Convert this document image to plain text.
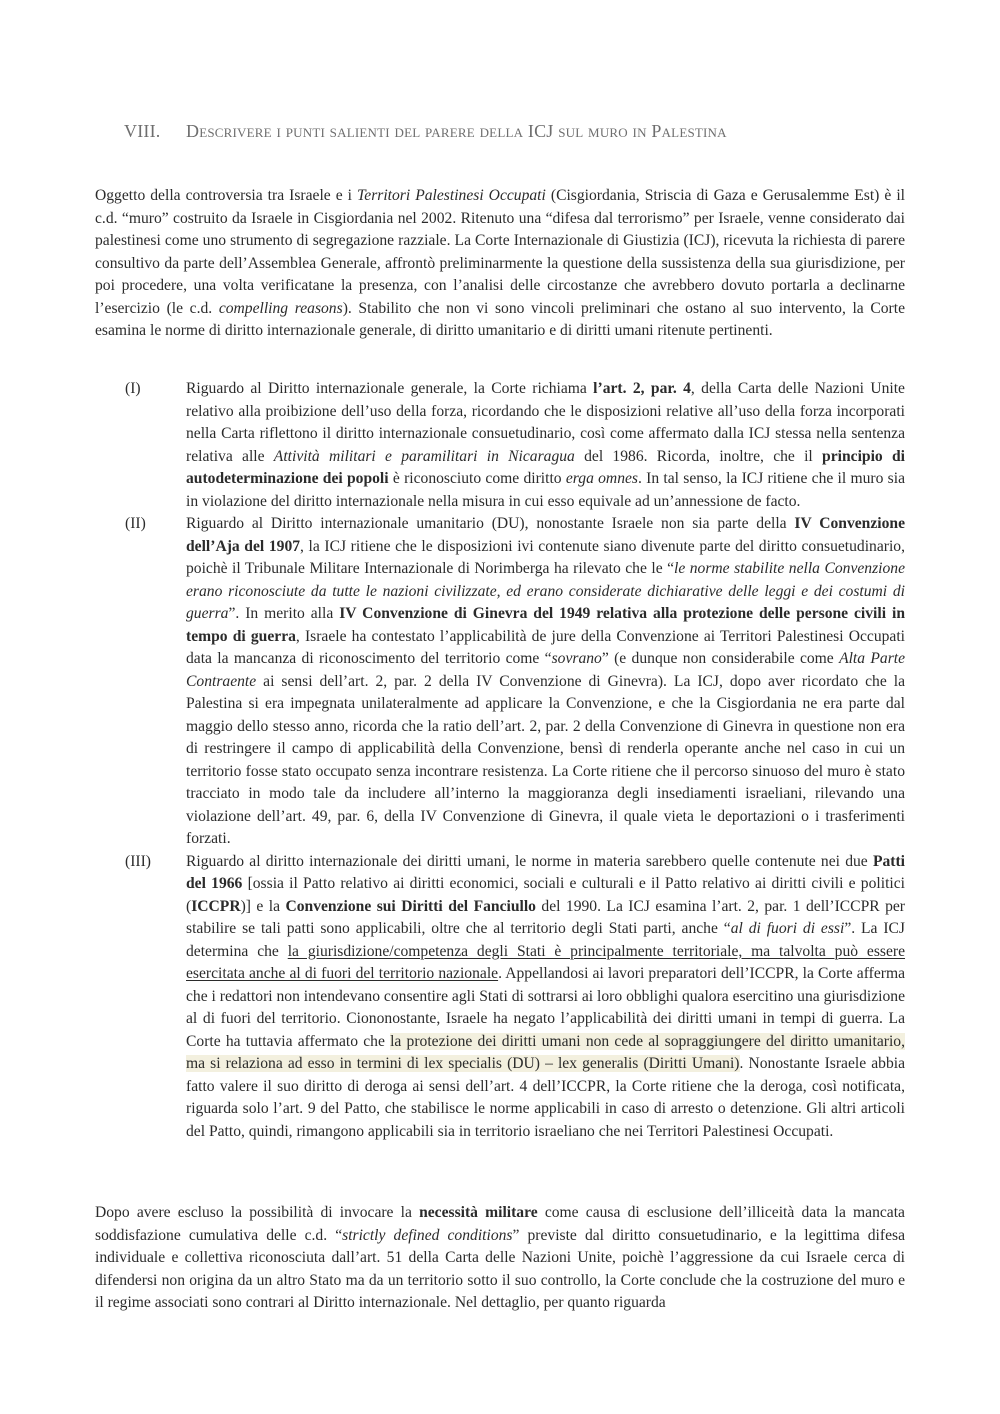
VIII. Descrivere i punti salienti del parere della ICJ sul muro in Palestina

Oggetto della controversia tra Israele e i Territori Palestinesi Occupati (Cisgiordania, Striscia di Gaza e Gerusalemme Est) è il c.d. “muro” costruito da Israele in Cisgiordania nel 2002. Ritenuto una “difesa dal terrorismo” per Israele, venne considerato dai palestinesi come uno strumento di segregazione razziale. La Corte Internazionale di Giustizia (ICJ), ricevuta la richiesta di parere consultivo da parte dell’Assemblea Generale, affrontò preliminarmente la questione della sussistenza della sua giurisdizione, per poi procedere, una volta verificatane la presenza, con l’analisi delle circostanze che avrebbero dovuto portarla a declinarne l’esercizio (le c.d. compelling reasons). Stabilito che non vi sono vincoli preliminari che ostano al suo intervento, la Corte esamina le norme di diritto internazionale generale, di diritto umanitario e di diritti umani ritenute pertinenti.

(I)	Riguardo al Diritto internazionale generale, la Corte richiama l’art. 2, par. 4, della Carta delle Nazioni Unite relativo alla proibizione dell’uso della forza, ricordando che le disposizioni relative all’uso della forza incorporati nella Carta riflettono il diritto internazionale consuetudinario, così come affermato dalla ICJ stessa nella sentenza relativa alle Attività militari e paramilitari in Nicaragua del 1986. Ricorda, inoltre, che il principio di autodeterminazione dei popoli è riconosciuto come diritto erga omnes. In tal senso, la ICJ ritiene che il muro sia in violazione del diritto internazionale nella misura in cui esso equivale ad un’annessione de facto.
(II)	Riguardo al Diritto internazionale umanitario (DU), nonostante Israele non sia parte della IV Convenzione dell’Aja del 1907, la ICJ ritiene che le disposizioni ivi contenute siano divenute parte del diritto consuetudinario, poichè il Tribunale Militare Internazionale di Norimberga ha rilevato che le “le norme stabilite nella Convenzione erano riconosciute da tutte le nazioni civilizzate, ed erano considerate dichiarative delle leggi e dei costumi di guerra”. In merito alla IV Convenzione di Ginevra del 1949 relativa alla protezione delle persone civili in tempo di guerra, Israele ha contestato l’applicabilità de jure della Convenzione ai Territori Palestinesi Occupati data la mancanza di riconoscimento del territorio come “sovrano” (e dunque non considerabile come Alta Parte Contraente ai sensi dell’art. 2, par. 2 della IV Convenzione di Ginevra). La ICJ, dopo aver ricordato che la Palestina si era impegnata unilateralmente ad applicare la Convenzione, e che la Cisgiordania ne era parte dal maggio dello stesso anno, ricorda che la ratio dell’art. 2, par. 2 della Convenzione di Ginevra in questione non era di restringere il campo di applicabilità della Convenzione, bensì di renderla operante anche nel caso in cui un territorio fosse stato occupato senza incontrare resistenza. La Corte ritiene che il percorso sinuoso del muro è stato tracciato in modo tale da includere all’interno la maggioranza degli insediamenti israeliani, rilevando una violazione dell’art. 49, par. 6, della IV Convenzione di Ginevra, il quale vieta le deportazioni o i trasferimenti forzati.
(III) Riguardo al diritto internazionale dei diritti umani, le norme in materia sarebbero quelle contenute nei due Patti del 1966 [ossia il Patto relativo ai diritti economici, sociali e culturali e il Patto relativo ai diritti civili e politici (ICCPR)] e la Convenzione sui Diritti del Fanciullo del 1990. La ICJ esamina l’art. 2, par. 1 dell’ICCPR per stabilire se tali patti sono applicabili, oltre che al territorio degli Stati parti, anche “al di fuori di essi”. La ICJ determina che la giurisdizione/competenza degli Stati è principalmente territoriale, ma talvolta può essere esercitata anche al di fuori del territorio nazionale. Appellandosi ai lavori preparatori dell’ICCPR, la Corte afferma che i redattori non intendevano consentire agli Stati di sottrarsi ai loro obblighi qualora esercitino una giurisdizione al di fuori del territorio. Ciononostante, Israele ha negato l’applicabilità dei diritti umani in tempi di guerra. La Corte ha tuttavia affermato che la protezione dei diritti umani non cede al sopraggiungere del diritto umanitario, ma si relaziona ad esso in termini di lex specialis (DU) – lex generalis (Diritti Umani). Nonostante Israele abbia fatto valere il suo diritto di deroga ai sensi dell’art. 4 dell’ICCPR, la Corte ritiene che la deroga, così notificata, riguarda solo l’art. 9 del Patto, che stabilisce le norme applicabili in caso di arresto o detenzione. Gli altri articoli del Patto, quindi, rimangono applicabili sia in territorio israeliano che nei Territori Palestinesi Occupati.

Dopo avere escluso la possibilità di invocare la necessità militare come causa di esclusione dell’illiceità data la mancata soddisfazione cumulativa delle c.d. “strictly defined conditions” previste dal diritto consuetudinario, e la legittima difesa individuale e collettiva riconosciuta dall’art. 51 della Carta delle Nazioni Unite, poichè l’aggressione da cui Israele cerca di difendersi non origina da un altro Stato ma da un territorio sotto il suo controllo, la Corte conclude che la costruzione del muro e il regime associati sono contrari al Diritto internazionale. Nel dettaglio, per quanto riguarda
